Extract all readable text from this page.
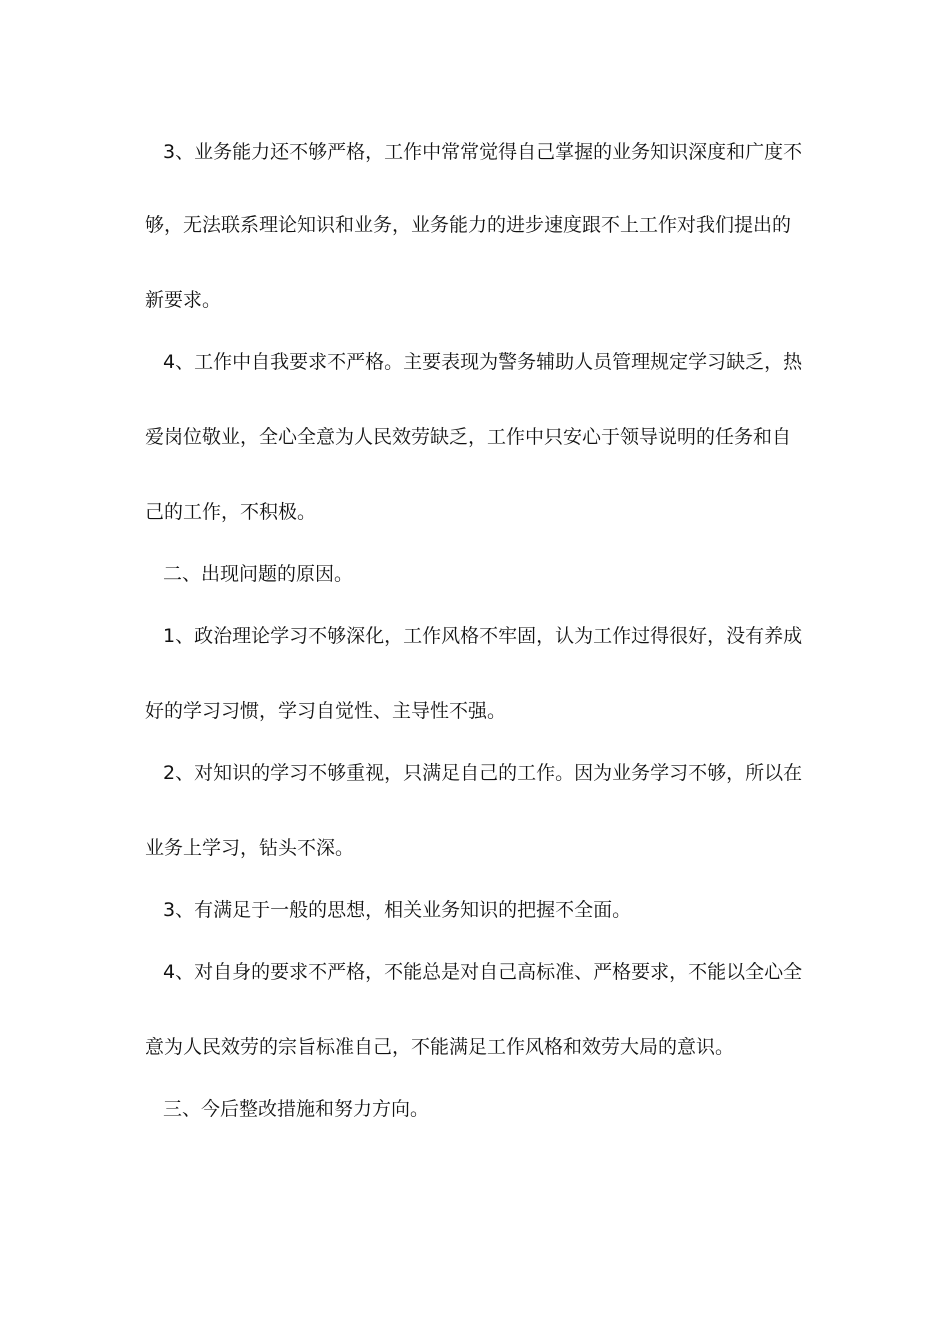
3、业务能力还不够严格，工作中常常觉得自己掌握的业务知识深度和广度不
够，无法联系理论知识和业务，业务能力的进步速度跟不上工作对我们提出的
新要求。
4、工作中自我要求不严格。主要表现为警务辅助人员管理规定学习缺乏，热
爱岗位敬业，全心全意为人民效劳缺乏，工作中只安心于领导说明的任务和自
己的工作，不积极。
二、出现问题的原因。
1、政治理论学习不够深化，工作风格不牢固，认为工作过得很好，没有养成
好的学习习惯，学习自觉性、主导性不强。
2、对知识的学习不够重视，只满足自己的工作。因为业务学习不够，所以在
业务上学习，钻头不深。
3、有满足于一般的思想，相关业务知识的把握不全面。
4、对自身的要求不严格，不能总是对自己高标准、严格要求，不能以全心全
意为人民效劳的宗旨标准自己，不能满足工作风格和效劳大局的意识。
三、今后整改措施和努力方向。
